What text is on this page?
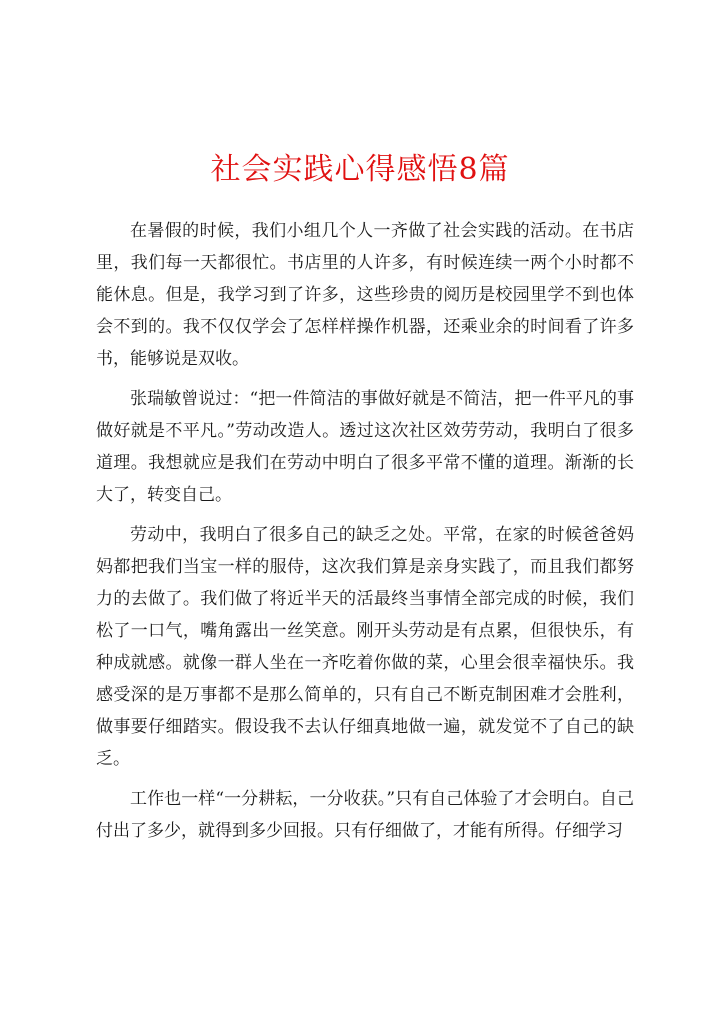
社会实践心得感悟8篇

在暑假的时候，我们小组几个人一齐做了社会实践的活动。在书店里，我们每一天都很忙。书店里的人许多，有时候连续一两个小时都不能休息。但是，我学习到了许多，这些珍贵的阅历是校园里学不到也体会不到的。我不仅仅学会了怎样样操作机器，还乘业余的时间看了许多书，能够说是双收。

张瑞敏曾说过：“把一件简洁的事做好就是不简洁，把一件平凡的事做好就是不平凡。”劳动改造人。透过这次社区效劳劳动，我明白了很多道理。我想就应是我们在劳动中明白了很多平常不懂的道理。渐渐的长大了，转变自己。

劳动中，我明白了很多自己的缺乏之处。平常，在家的时候爸爸妈妈都把我们当宝一样的服侍，这次我们算是亲身实践了，而且我们都努力的去做了。我们做了将近半天的活最终当事情全部完成的时候，我们松了一口气，嘴角露出一丝笑意。刚开头劳动是有点累，但很快乐，有种成就感。就像一群人坐在一齐吃着你做的菜，心里会很幸福快乐。我感受深的是万事都不是那么简单的，只有自己不断克制困难才会胜利，做事要仔细踏实。假设我不去认仔细真地做一遍，就发觉不了自己的缺乏。

工作也一样“一分耕耘，一分收获。”只有自己体验了才会明白。自己付出了多少，就得到多少回报。只有仔细做了，才能有所得。仔细学习
